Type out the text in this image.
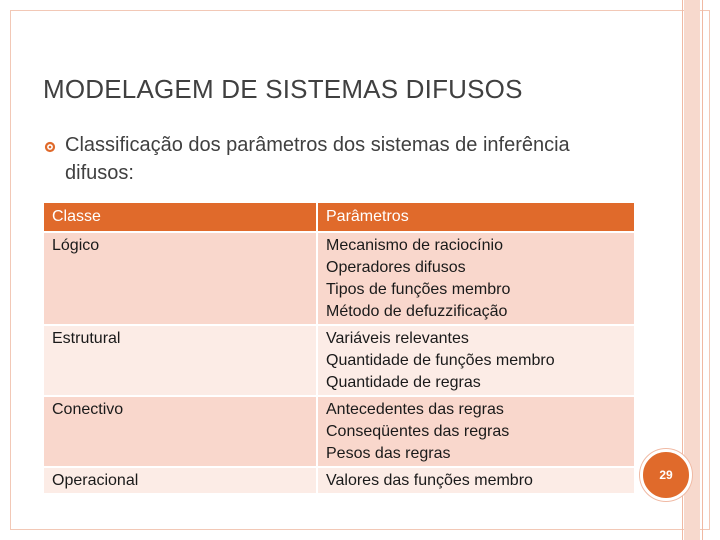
MODELAGEM DE SISTEMAS DIFUSOS
Classificação dos parâmetros dos sistemas de inferência difusos:
Classe	Parâmetros
Lógico	Mecanismo de raciocínio
Operadores difusos
Tipos de funções membro
Método de defuzzificação

Estrutural	Variáveis relevantes
Quantidade de funções membro
Quantidade de regras

Conectivo	Antecedentes das regras
Conseqüentes das regras
Pesos das regras

Operacional	Valores das funções membro	29
